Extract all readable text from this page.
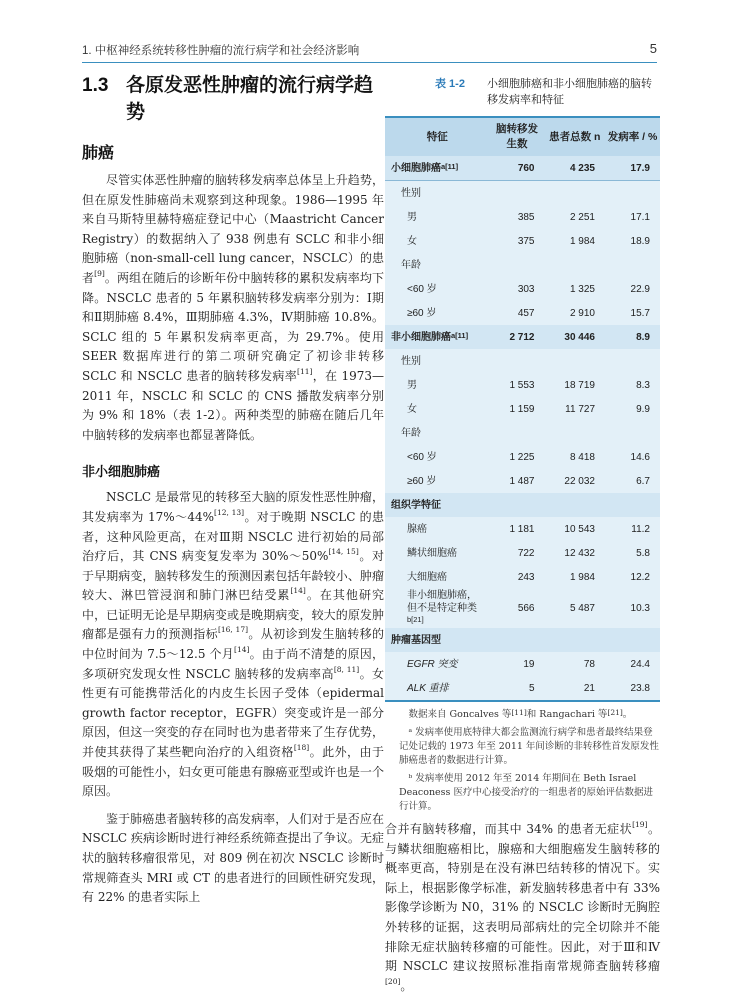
1. 中枢神经系统转移性肿瘤的流行病学和社会经济影响	5
1.3 各原发恶性肿瘤的流行病学趋势
肺癌

尽管实体恶性肿瘤的脑转移发病率总体呈上升趋势，但在原发性肺癌尚未观察到这种现象。1986—1995 年来自马斯特里赫特癌症登记中心（Maastricht Cancer Registry）的数据纳入了 938 例患有 SCLC 和非小细胞肺癌（non-small-cell lung cancer，NSCLC）的患者[9]。两组在随后的诊断年份中脑转移的累积发病率均下降。NSCLC 患者的 5 年累积脑转移发病率分别为：Ⅰ期和Ⅱ期肺癌 8.4%，Ⅲ期肺癌 4.3%，Ⅳ期肺癌 10.8%。SCLC 组的 5 年累积发病率更高，为 29.7%。使用 SEER 数据库进行的第二项研究确定了初诊非转移 SCLC 和 NSCLC 患者的脑转移发病率[11]，在 1973—2011 年，NSCLC 和 SCLC 的 CNS 播散发病率分别为 9% 和 18%（表 1-2）。两种类型的肺癌在随后几年中脑转移的发病率也都显著降低。

非小细胞肺癌

NSCLC 是最常见的转移至大脑的原发性恶性肿瘤，其发病率为 17%～44%[12, 13]。对于晚期 NSCLC 的患者，这种风险更高，在对Ⅲ期 NSCLC 进行初始的局部治疗后，其 CNS 病变复发率为 30%～50%[14, 15]。对于早期病变，脑转移发生的预测因素包括年龄较小、肿瘤较大、淋巴管浸润和肺门淋巴结受累[14]。在其他研究中，已证明无论是早期病变或是晚期病变，较大的原发肿瘤都是强有力的预测指标[16, 17]。从初诊到发生脑转移的中位时间为 7.5～12.5 个月[14]。由于尚不清楚的原因，多项研究发现女性 NSCLC 脑转移的发病率高[8, 11]。女性更有可能携带活化的内皮生长因子受体（epidermal growth factor receptor，EGFR）突变或许是一部分原因，但这一突变的存在同时也为患者带来了生存优势，并使其获得了某些靶向治疗的入组资格[18]。此外，由于吸烟的可能性小，妇女更可能患有腺癌亚型或许也是一个原因。

鉴于肺癌患者脑转移的高发病率，人们对于是否应在 NSCLC 疾病诊断时进行神经系统筛查提出了争议。无症状的脑转移瘤很常见，对 809 例在初次 NSCLC 诊断时常规筛查头 MRI 或 CT 的患者进行的回顾性研究发现，有 22% 的患者实际上

表 1-2	小细胞肺癌和非小细胞肺癌的脑转移发病率和特征
特征	脑转移发生数	患者总数 n	发病率 / %
小细胞肺癌$^{a[11]}$	760	4 235	17.9
性别			
男	385	2 251	17.1
女	375	1 984	18.9
年龄			
<60 岁	303	1 325	22.9
≥60 岁	457	2 910	15.7
非小细胞肺癌$^{a[11]}$	2 712	30 446	8.9
性别			
男	1 553	18 719	8.3
女	1 159	11 727	9.9
年龄			
<60 岁	1 225	8 418	14.6
≥60 岁	1 487	22 032	6.7
组织学特征			
腺癌	1 181	10 543	11.2
鳞状细胞癌	722	12 432	5.8
大细胞癌	243	1 984	12.2
非小细胞肺癌，但不是特定种类$^{b[21]}$	566	5 487	10.3
肿瘤基因型			
EGFR 突变	19	78	24.4
ALK 重排	5	21	23.8

数据来自 Goncalves 等[11]和 Rangachari 等[21]。

ᵃ 发病率使用底特律大都会监测流行病学和患者最终结果登记处记载的 1973 年至 2011 年间诊断的非转移性首发原发性肺癌患者的数据进行计算。

ᵇ 发病率使用 2012 年至 2014 年期间在 Beth Israel Deaconess 医疗中心接受治疗的一组患者的原始评估数据进行计算。

合并有脑转移瘤，而其中 34% 的患者无症状[19]。与鳞状细胞癌相比，腺癌和大细胞癌发生脑转移的概率更高，特别是在没有淋巴结转移的情况下。实际上，根据影像学标准，新发脑转移患者中有 33% 影像学诊断为 N0，31% 的 NSCLC 诊断时无胸腔外转移的证据，这表明局部病灶的完全切除并不能排除无症状脑转移瘤的可能性。因此，对于Ⅲ和Ⅳ期 NSCLC 建议按照标准指南常规筛查脑转移瘤[20]。
